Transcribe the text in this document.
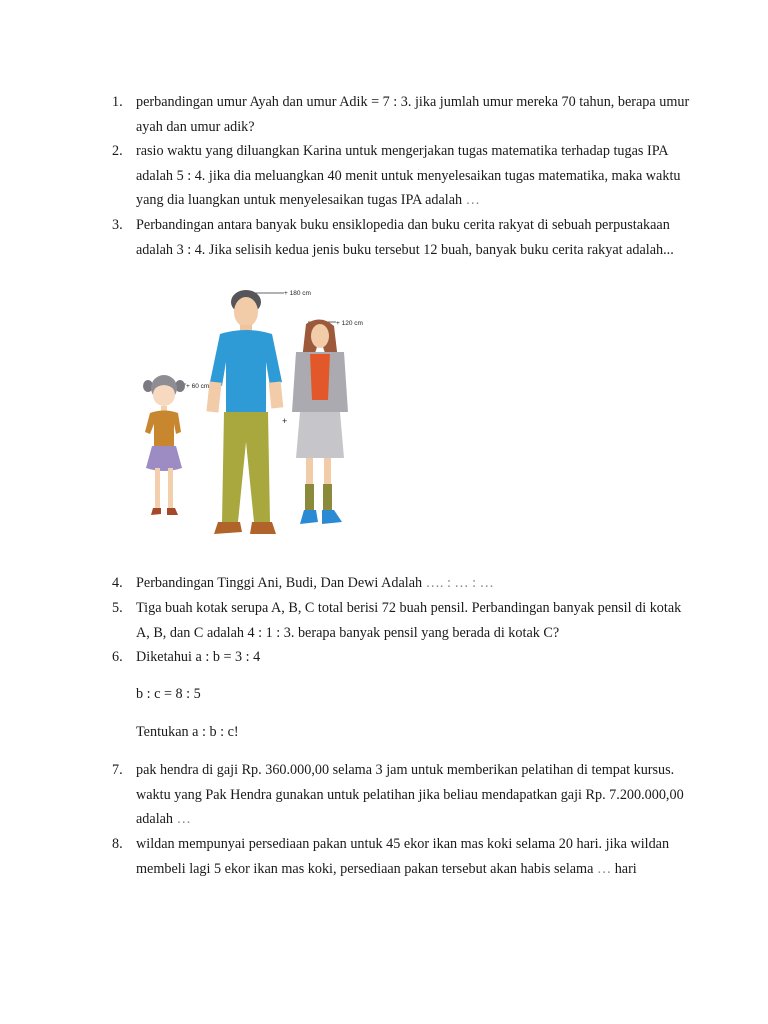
1. perbandingan umur Ayah dan umur Adik = 7 : 3. jika jumlah umur mereka 70 tahun, berapa umur
ayah dan umur adik?
2. rasio waktu yang diluangkan Karina untuk mengerjakan tugas matematika terhadap tugas IPA
adalah 5 : 4. jika dia meluangkan 40 menit untuk menyelesaikan tugas matematika, maka waktu
yang dia luangkan untuk menyelesaikan tugas IPA adalah …
3. Perbandingan antara banyak buku ensiklopedia dan buku cerita rakyat di sebuah perpustakaan
adalah 3 : 4. Jika selisih kedua jenis buku tersebut 12 buah, banyak buku cerita rakyat adalah...
+ 180 cm
+ 120 cm
+ 60 cm
+
4. Perbandingan Tinggi Ani, Budi, Dan Dewi Adalah …. : … : …
5. Tiga buah kotak serupa A, B, C total berisi 72 buah pensil. Perbandingan banyak pensil di kotak
A, B, dan C adalah 4 : 1 : 3. berapa banyak pensil yang berada di kotak C?
6. Diketahui a : b = 3 : 4
b : c = 8 : 5
Tentukan a : b : c!
7. pak hendra di gaji Rp. 360.000,00 selama 3 jam untuk memberikan pelatihan di tempat kursus.
waktu yang Pak Hendra gunakan untuk pelatihan jika beliau mendapatkan gaji Rp. 7.200.000,00
adalah …
8. wildan mempunyai persediaan pakan untuk 45 ekor ikan mas koki selama 20 hari. jika wildan
membeli lagi 5 ekor ikan mas koki, persediaan pakan tersebut akan habis selama … hari
